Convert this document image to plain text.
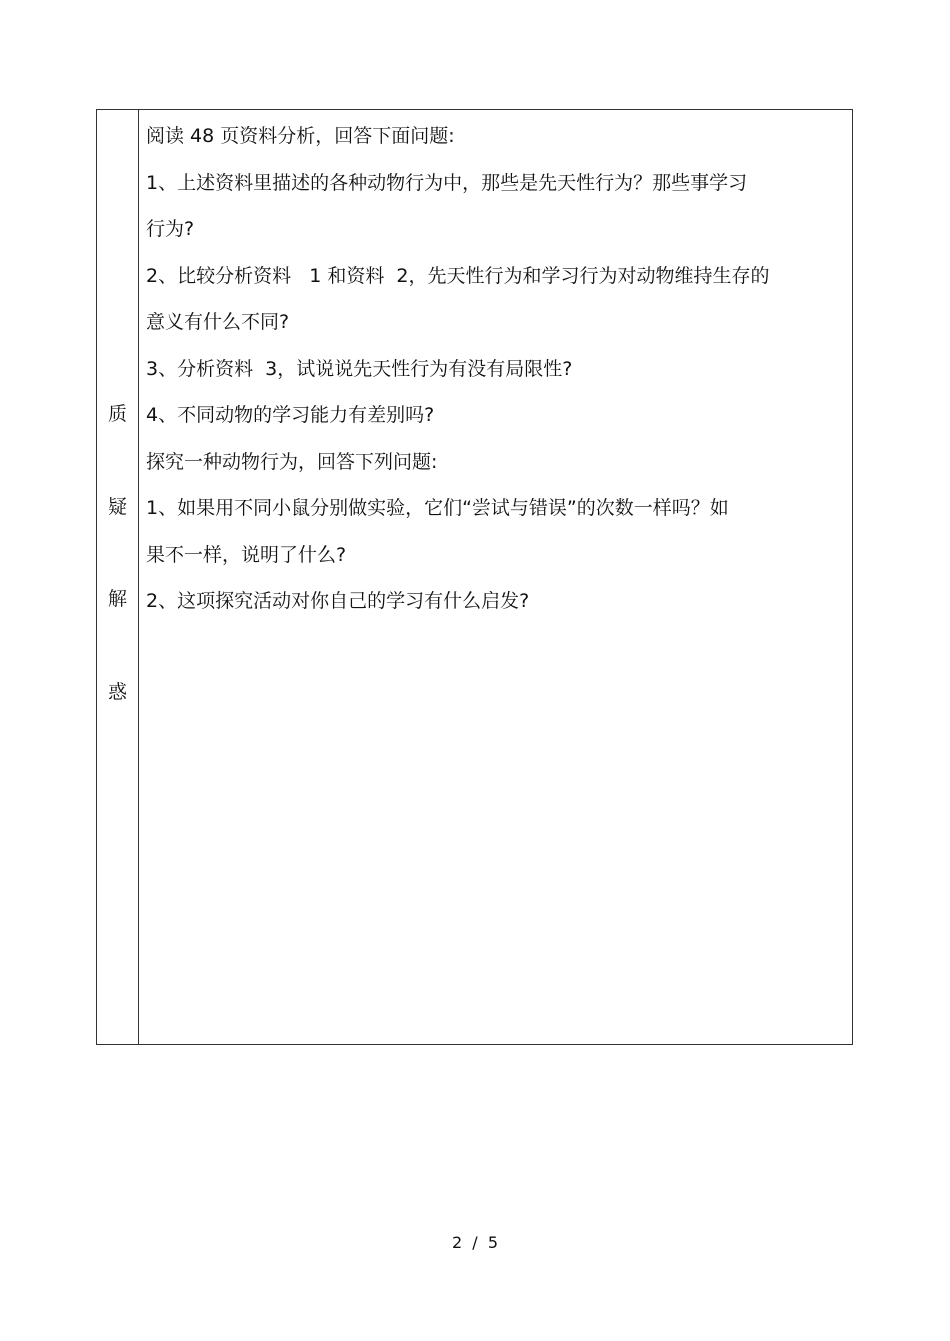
质
疑
解
惑
阅读 48 页资料分析，回答下面问题:
1、上述资料里描述的各种动物行为中，那些是先天性行为？那些事学习
行为?
2、比较分析资料   1 和资料  2，先天性行为和学习行为对动物维持生存的
意义有什么不同?
3、分析资料  3，试说说先天性行为有没有局限性?
4、不同动物的学习能力有差别吗?
探究一种动物行为，回答下列问题:
1、如果用不同小鼠分别做实验，它们“尝试与错误”的次数一样吗？如
果不一样，说明了什么?
2、这项探究活动对你自己的学习有什么启发?
2  /  5
